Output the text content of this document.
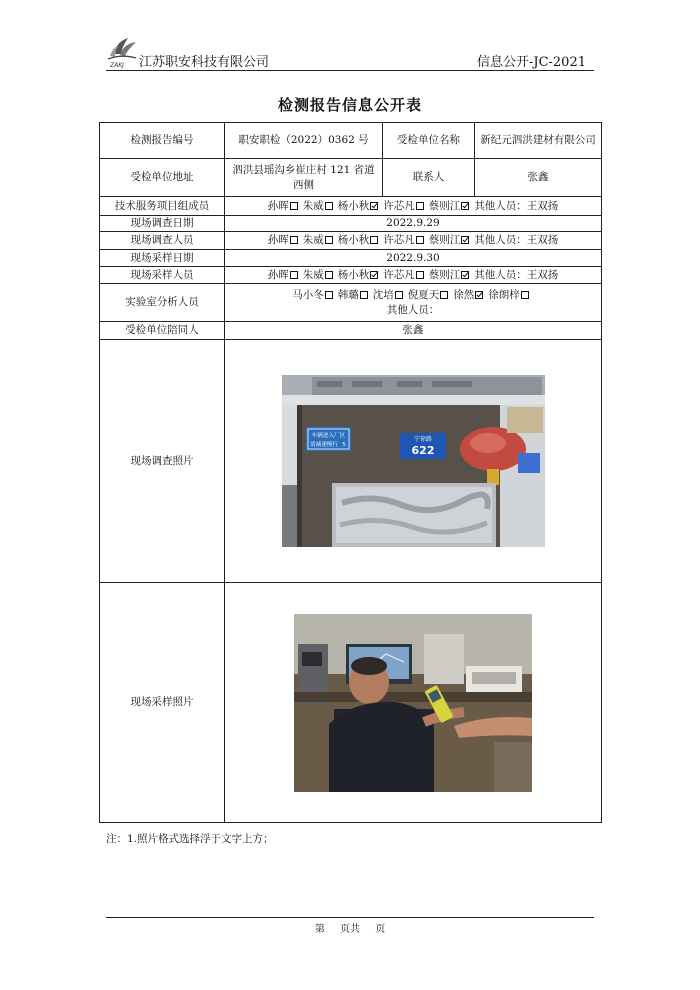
ZAKJ 江苏职安科技有限公司	信息公开-JC-2021
检测报告信息公开表
检测报告编号	职安职检（2022）0362 号	受检单位名称	新纪元泗洪建材有限公司
受检单位地址	泗洪县瑶沟乡崔庄村 121 省道西侧	联系人	张鑫
技术服务项目组成员	孙晖 朱威 杨小秋 许芯凡 蔡则江 其他人员：王双扬		
现场调查日期	2022.9.29		
现场调查人员	孙晖 朱威 杨小秋 许芯凡 蔡则江 其他人员：王双扬		
现场采样日期	2022.9.30		
现场采样人员	孙晖 朱威 杨小秋 许芯凡 蔡则江 其他人员：王双扬		
实验室分析人员	马小冬 韩璐 沈培 倪夏天 徐然 徐朗梓
其他人员：		

受检单位陪同人	张鑫		
现场调查照片	车辆进入厂区
请减速慢行 5
宁徐路
622		

现场采样照片	
注：1.照片格式选择浮于文字上方；
第 页共 页
